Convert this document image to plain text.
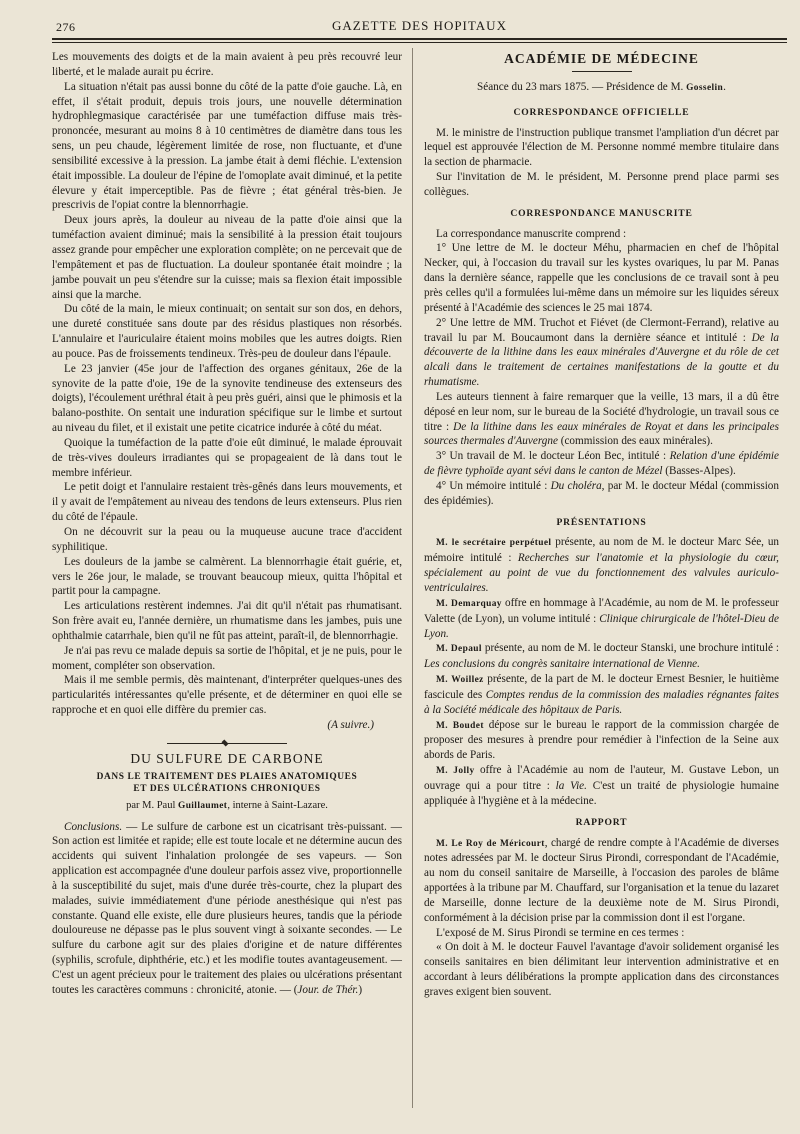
276	GAZETTE DES HOPITAUX

Les mouvements des doigts et de la main avaient à peu près recouvré leur liberté, et le malade aurait pu écrire.

La situation n'était pas aussi bonne du côté de la patte d'oie gauche. Là, en effet, il s'était produit, depuis trois jours, une nouvelle détermination hydrophlegmasique caractérisée par une tuméfaction diffuse mais très-prononcée, mesurant au moins 8 à 10 centimètres de diamètre dans tous les sens, un peu chaude, légèrement limitée de rose, non fluctuante, et d'une sensibilité excessive à la pression. La jambe était à demi fléchie. L'extension était impossible. La douleur de l'épine de l'omoplate avait diminué, et la petite élevure y était imperceptible. Pas de fièvre ; état général très-bien. Je prescrivis de l'opiat contre la blennorrhagie.

Deux jours après, la douleur au niveau de la patte d'oie ainsi que la tuméfaction avaient diminué; mais la sensibilité à la pression était toujours assez grande pour empêcher une exploration complète; on ne percevait que de l'empâtement et pas de fluctuation. La douleur spontanée était moindre ; la jambe pouvait un peu s'étendre sur la cuisse; mais sa flexion était impossible ainsi que la marche.

Du côté de la main, le mieux continuait; on sentait sur son dos, en dehors, une dureté constituée sans doute par des résidus plastiques non résorbés. L'annulaire et l'auriculaire étaient moins mobiles que les autres doigts. Rien au pouce. Pas de froissements tendineux. Très-peu de douleur dans l'épaule.

Le 23 janvier (45e jour de l'affection des organes génitaux, 26e de la synovite de la patte d'oie, 19e de la synovite tendineuse des extenseurs des doigts), l'écoulement uréthral était à peu près guéri, ainsi que le phimosis et la balano-posthite. On sentait une induration spécifique sur le limbe et surtout au niveau du filet, et il existait une petite cicatrice indurée à côté du méat.

Quoique la tuméfaction de la patte d'oie eût diminué, le malade éprouvait de très-vives douleurs irradiantes qui se propageaient de là dans tout le membre inférieur.

Le petit doigt et l'annulaire restaient très-gênés dans leurs mouvements, et il y avait de l'empâtement au niveau des tendons de leurs extenseurs. Plus rien du côté de l'épaule.

On ne découvrit sur la peau ou la muqueuse aucune trace d'accident syphilitique.

Les douleurs de la jambe se calmèrent. La blennorrhagie était guérie, et, vers le 26e jour, le malade, se trouvant beaucoup mieux, quitta l'hôpital et partit pour la campagne.

Les articulations restèrent indemnes. J'ai dit qu'il n'était pas rhumatisant. Son frère avait eu, l'année dernière, un rhumatisme dans les jambes, puis une ophthalmie catarrhale, bien qu'il ne fût pas atteint, paraît-il, de blennorrhagie.

Je n'ai pas revu ce malade depuis sa sortie de l'hôpital, et je ne puis, pour le moment, compléter son observation.

Mais il me semble permis, dès maintenant, d'interpréter quelques-unes des particularités intéressantes qu'elle présente, et de déterminer en quoi elle se rapproche et en quoi elle diffère du premier cas.

(A suivre.)

DU SULFURE DE CARBONE
DANS LE TRAITEMENT DES PLAIES ANATOMIQUES
ET DES ULCÉRATIONS CHRONIQUES
par M. Paul Guillaumet, interne à Saint-Lazare.

Conclusions. — Le sulfure de carbone est un cicatrisant très-puissant. — Son action est limitée et rapide; elle est toute locale et ne détermine aucun des accidents qui suivent l'inhalation prolongée de ses vapeurs. — Son application est accompagnée d'une douleur parfois assez vive, proportionnelle à la susceptibilité du sujet, mais d'une durée très-courte, chez la plupart des malades, suivie immédiatement d'une période anesthésique qui n'est pas constante. Quand elle existe, elle dure plusieurs heures, tandis que la période douloureuse ne dépasse pas le plus souvent vingt à soixante secondes. — Le sulfure du carbone agit sur des plaies d'origine et de nature différentes (syphilis, scrofule, diphthérie, etc.) et les modifie toutes avantageusement. — C'est un agent précieux pour le traitement des plaies ou ulcérations présentant toutes les caractères communs : chronicité, atonie. — (Jour. de Thér.)

ACADÉMIE DE MÉDECINE
Séance du 23 mars 1875. — Présidence de M. Gosselin.
CORRESPONDANCE OFFICIELLE

M. le ministre de l'instruction publique transmet l'ampliation d'un décret par lequel est approuvée l'élection de M. Personne nommé membre titulaire dans la section de pharmacie.

Sur l'invitation de M. le président, M. Personne prend place parmi ses collègues.

CORRESPONDANCE MANUSCRITE

La correspondance manuscrite comprend :

1° Une lettre de M. le docteur Méhu, pharmacien en chef de l'hôpital Necker, qui, à l'occasion du travail sur les kystes ovariques, lu par M. Panas dans la dernière séance, rappelle que les conclusions de ce travail sont à peu près celles qu'il a formulées lui-même dans un mémoire sur les liquides séreux présenté à l'Académie des sciences le 25 mai 1874.

2° Une lettre de MM. Truchot et Fiévet (de Clermont-Ferrand), relative au travail lu par M. Boucaumont dans la dernière séance et intitulé : De la découverte de la lithine dans les eaux minérales d'Auvergne et du rôle de cet alcali dans le traitement de certaines manifestations de la goutte et du rhumatisme.

Les auteurs tiennent à faire remarquer que la veille, 13 mars, il a dû être déposé en leur nom, sur le bureau de la Société d'hydrologie, un travail sous ce titre : De la lithine dans les eaux minérales de Royat et dans les principales sources thermales d'Auvergne (commission des eaux minérales).

3° Un travail de M. le docteur Léon Bec, intitulé : Relation d'une épidémie de fièvre typhoïde ayant sévi dans le canton de Mézel (Basses-Alpes).

4° Un mémoire intitulé : Du choléra, par M. le docteur Médal (commission des épidémies).

PRÉSENTATIONS

M. le secrétaire perpétuel présente, au nom de M. le docteur Marc Sée, un mémoire intitulé : Recherches sur l'anatomie et la physiologie du cœur, spécialement au point de vue du fonctionnement des valvules auriculo-ventriculaires.

M. Demarquay offre en hommage à l'Académie, au nom de M. le professeur Valette (de Lyon), un volume intitulé : Clinique chirurgicale de l'hôtel-Dieu de Lyon.

M. Depaul présente, au nom de M. le docteur Stanski, une brochure intitulé : Les conclusions du congrès sanitaire international de Vienne.

M. Woillez présente, de la part de M. le docteur Ernest Besnier, le huitième fascicule des Comptes rendus de la commission des maladies régnantes faites à la Société médicale des hôpitaux de Paris.

M. Boudet dépose sur le bureau le rapport de la commission chargée de proposer des mesures à prendre pour remédier à l'infection de la Seine aux abords de Paris.

M. Jolly offre à l'Académie au nom de l'auteur, M. Gustave Lebon, un ouvrage qui a pour titre : la Vie. C'est un traité de physiologie humaine appliquée à l'hygiène et à la médecine.

RAPPORT

M. Le Roy de Méricourt, chargé de rendre compte à l'Académie de diverses notes adressées par M. le docteur Sirus Pirondi, correspondant de l'Académie, au nom du conseil sanitaire de Marseille, à l'occasion des paroles de blâme apportées à la tribune par M. Chauffard, sur l'organisation et la tenue du lazaret de Marseille, donne lecture de la deuxième note de M. Sirus Pirondi, conformément à la décision prise par la commission dont il est l'organe.

L'exposé de M. Sirus Pirondi se termine en ces termes :

« On doit à M. le docteur Fauvel l'avantage d'avoir solidement organisé les conseils sanitaires en bien délimitant leur intervention administrative et en accordant à leurs délibérations la prompte application dans des circonstances graves exigent bien souvent.
